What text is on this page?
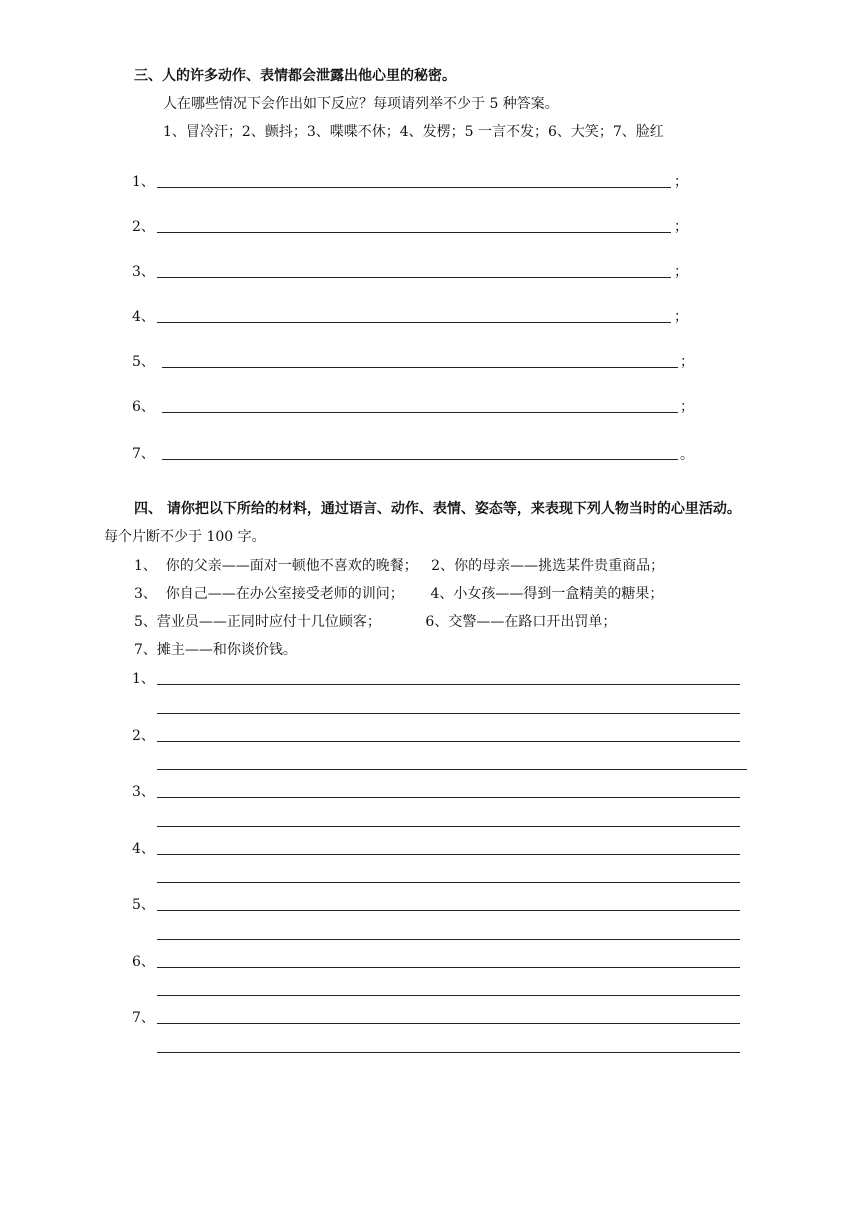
三、人的许多动作、表情都会泄露出他心里的秘密。
人在哪些情况下会作出如下反应？每项请列举不少于 5 种答案。
1、冒冷汗；2、颤抖；3、喋喋不休；4、发楞；5 一言不发；6、大笑；7、脸红
1、	；
2、	；
3、	；
4、	；
5、	；
6、	；
7、	。
四、 请你把以下所给的材料，通过语言、动作、表情、姿态等，来表现下列人物当时的心里活动。
每个片断不少于 100 字。
1、  你的父亲——面对一顿他不喜欢的晚餐；   2、你的母亲——挑选某件贵重商品；
3、  你自己——在办公室接受老师的训问；      4、小女孩——得到一盒精美的糖果；
5、营业员——正同时应付十几位顾客；          6、交警——在路口开出罚单；
7、摊主——和你谈价钱。
1、
2、
3、
4、
5、
6、
7、
